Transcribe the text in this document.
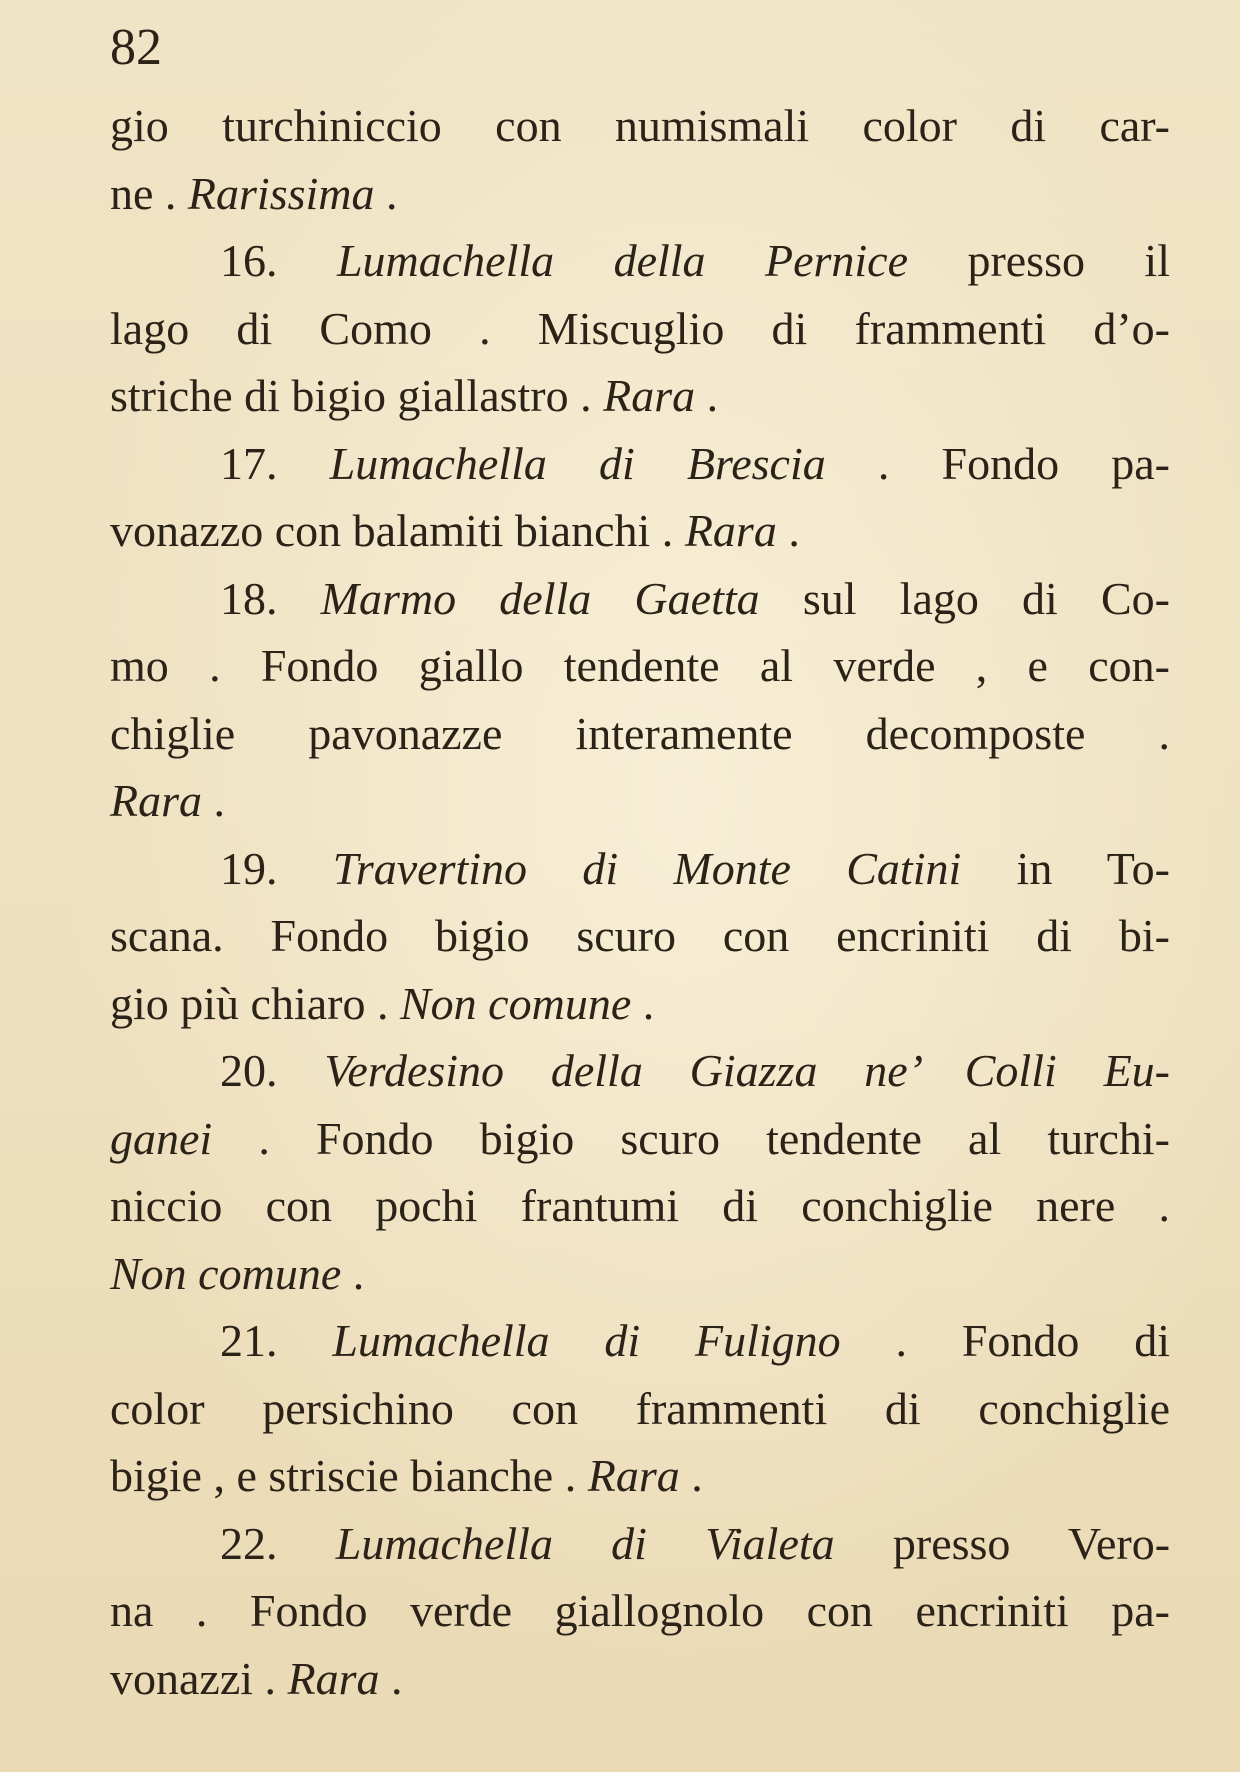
82
gio turchiniccio con numismali color di car-
ne . Rarissima .
16. Lumachella della Pernice presso il
lago di Como . Miscuglio di frammenti d’o-
striche di bigio giallastro . Rara .
17. Lumachella di Brescia . Fondo pa-
vonazzo con balamiti bianchi . Rara .
18. Marmo della Gaetta sul lago di Co-
mo . Fondo giallo tendente al verde , e con-
chiglie pavonazze interamente decomposte .
Rara .
19. Travertino di Monte Catini in To-
scana. Fondo bigio scuro con encriniti di bi-
gio più chiaro . Non comune .
20. Verdesino della Giazza ne’ Colli Eu-
ganei . Fondo bigio scuro tendente al turchi-
niccio con pochi frantumi di conchiglie nere .
Non comune .
21. Lumachella di Fuligno . Fondo di
color persichino con frammenti di conchiglie
bigie , e striscie bianche . Rara .
22. Lumachella di Vialeta presso Vero-
na . Fondo verde giallognolo con encriniti pa-
vonazzi . Rara .
